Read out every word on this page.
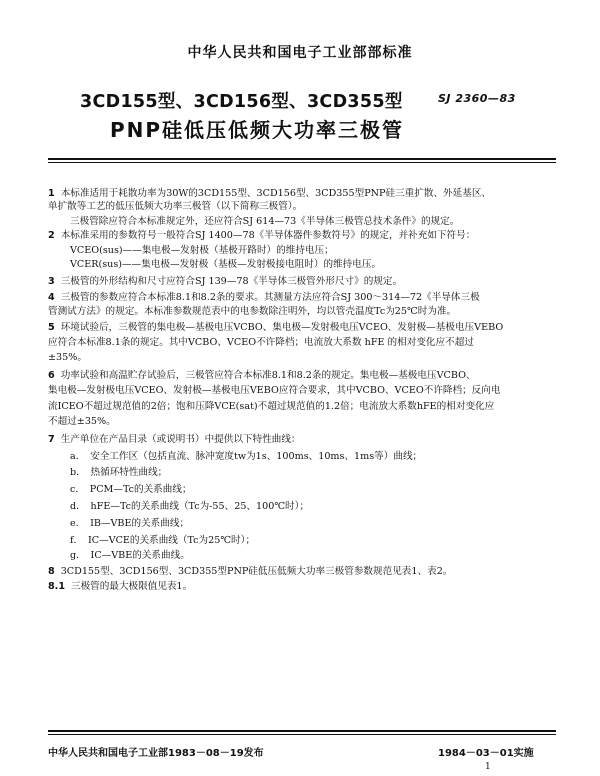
中华人民共和国电子工业部部标准
3CD155型、3CD156型、3CD355型
PNP硅低压低频大功率三极管
SJ 2360—83
1 本标准适用于耗散功率为30W的3CD155型、3CD156型、3CD355型PNP硅三重扩散、外延基区、
单扩散等工艺的低压低频大功率三极管（以下简称三极管）。
三极管除应符合本标准规定外，还应符合SJ 614—73《半导体三极管总技术条件》的规定。
2 本标准采用的参数符号一般符合SJ 1400—78《半导体器件参数符号》的规定，并补充如下符号：
VCEO(sus)——集电极—发射极（基极开路时）的维持电压；
VCER(sus)——集电极—发射极（基极—发射极接电阻时）的维持电压。
3 三极管的外形结构和尺寸应符合SJ 139—78《半导体三极管外形尺寸》的规定。
4 三极管的参数应符合本标准8.1和8.2条的要求。其测量方法应符合SJ 300～314—72《半导体三极
管测试方法》的规定。本标准参数规范表中的电参数除注明外，均以管壳温度Tc为25℃时为准。
5 环境试验后，三极管的集电极—基极电压VCBO、集电极—发射极电压VCEO、发射极—基极电压VEBO
应符合本标准8.1条的规定。其中VCBO、VCEO不许降档；电流放大系数 hFE 的相对变化应不超过
±35%。
6 功率试验和高温贮存试验后，三极管应符合本标准8.1和8.2条的规定。集电极—基极电压VCBO、
集电极—发射极电压VCEO、发射极—基极电压VEBO应符合要求，其中VCBO、VCEO不许降档；反向电
流ICEO不超过规范值的2倍；饱和压降VCE(sat)不超过规范值的1.2倍；电流放大系数hFE的相对变化应
不超过±35%。
7 生产单位在产品目录（或说明书）中提供以下特性曲线：
a．　安全工作区（包括直流、脉冲宽度tw为1s、100ms、10ms、1ms等）曲线；
b．　热循环特性曲线；
c．　PCM—Tc的关系曲线；
d．　hFE—Tc的关系曲线（Tc为-55、25、100℃时）；
e．　IB—VBE的关系曲线；
f．　IC—VCE的关系曲线（Tc为25℃时）；
g．　IC—VBE的关系曲线。
8 3CD155型、3CD156型、3CD355型PNP硅低压低频大功率三极管参数规范见表1、表2。
8.1 三极管的最大极限值见表1。
中华人民共和国电子工业部1983－08－19发布	1984－03－01实施
1
